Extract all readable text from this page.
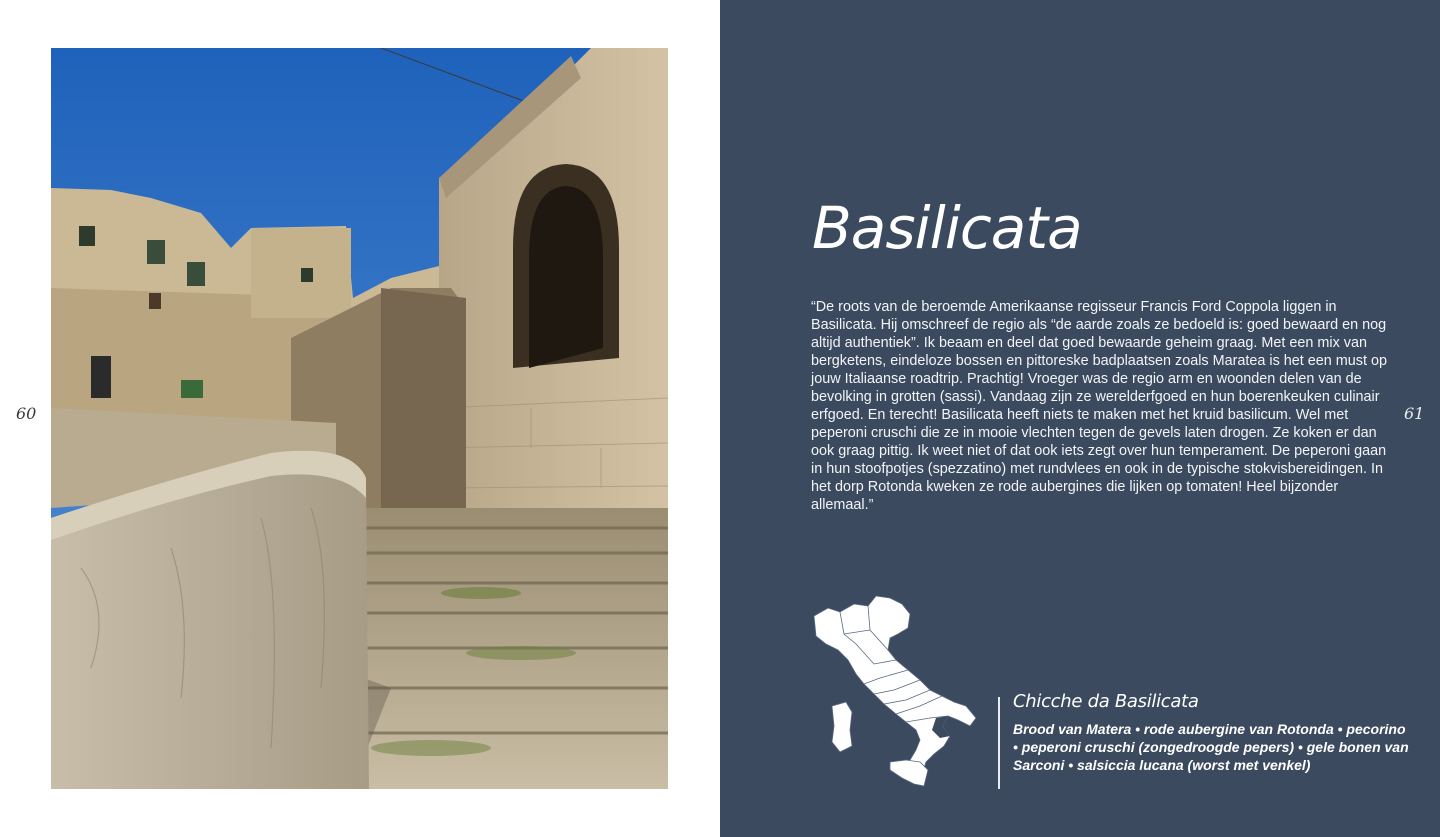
60
Basilicata

“De roots van de beroemde Amerikaanse regisseur Francis Ford Coppola liggen in Basilicata. Hij omschreef de regio als “de aarde zoals ze bedoeld is: goed bewaard en nog altijd authentiek”. Ik beaam en deel dat goed bewaarde geheim graag. Met een mix van bergketens, eindeloze bossen en pittoreske badplaatsen zoals Maratea is het een must op jouw Italiaanse roadtrip. Prachtig! Vroeger was de regio arm en woonden delen van de bevolking in grotten (sassi). Vandaag zijn ze werelderfgoed en hun boerenkeuken culinair erfgoed. En terecht! Basilicata heeft niets te maken met het kruid basilicum. Wel met peperoni cruschi die ze in mooie vlechten tegen de gevels laten drogen. Ze koken er dan ook graag pittig. Ik weet niet of dat ook iets zegt over hun temperament. De peperoni gaan in hun stoofpotjes (spezzatino) met rundvlees en ook in de typische stokvisbereidingen. In het dorp Rotonda kweken ze rode aubergines die lijken op tomaten! Heel bijzonder allemaal.”

Chicche da Basilicata

Brood van Matera • rode aubergine van Rotonda • pecorino • peperoni cruschi (zongedroogde pepers) • gele bonen van Sarconi • salsiccia lucana (worst met venkel)

61
